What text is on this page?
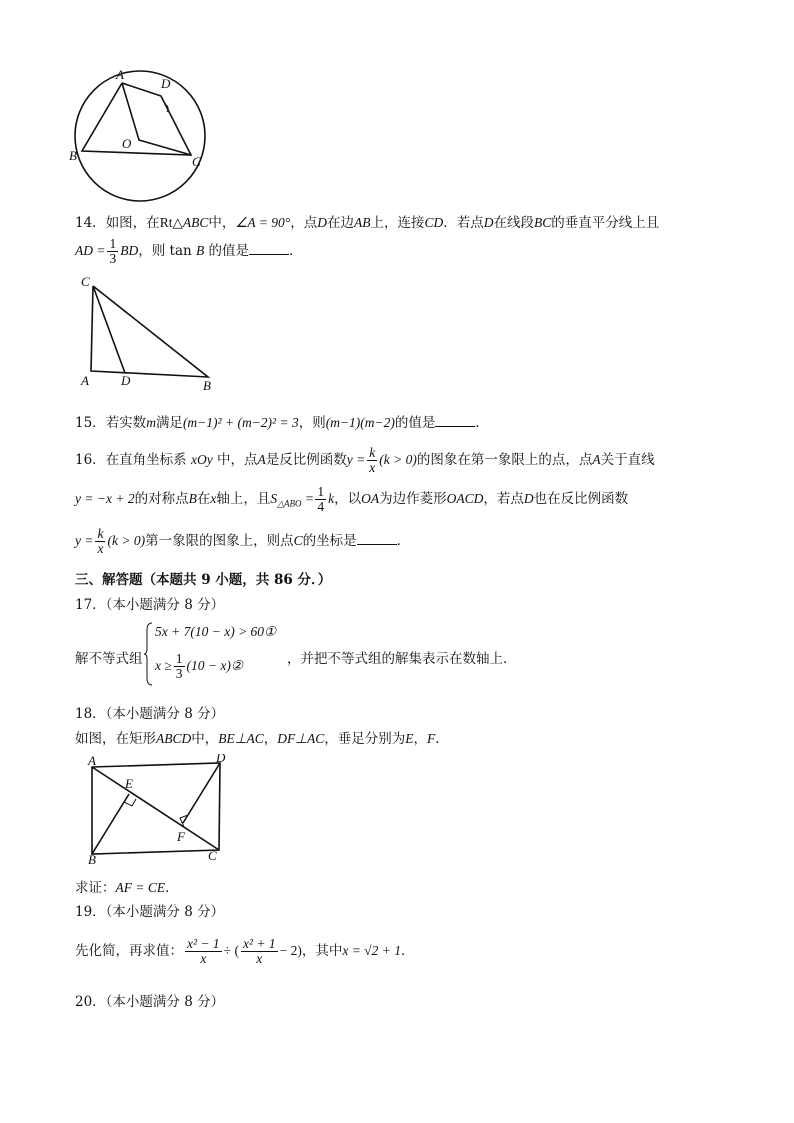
A
D
B
O
C
14．如图，在Rt△ABC中，∠A = 90°，点D在边AB上，连接CD．若点D在线段BC的垂直平分线上且
AD = $\frac{1}{3}$ BD，则 tan B 的值是	．
C
A D	B
15．若实数m满足(m−1)² + (m−2)² = 3，则(m−1)(m−2)的值是	．
16．在直角坐标系 xOy 中，点A是反比例函数$y = \frac{k}{x} (k > 0)$的图象在第一象限上的点，点A关于直线
y = −x + 2的对称点B在x轴上，且$S_{\triangle ABO} = \frac{1}{4}$ k，以OA为边作菱形OACD，若点D也在反比例函数
$y = \frac{k}{x} (k > 0)$第一象限的图象上，则点C的坐标是	．
三、解答题（本题共 9 小题，共 86 分．）
17．（本小题满分 8 分）
解不等式组
5x + 7(10 − x) > 60①
$x \ge \frac{1}{3} (10$ − x)②	，并把不等式组的解集表示在数轴上．
18．（本小题满分 8 分）
如图，在矩形ABCD中，BE⊥AC，DF⊥AC，垂足分别为E，F．
A	D
E
F
B	C
求证：AF = CE．
19．（本小题满分 8 分）
先化简，再求值： $\frac{\text{x² − 1}}{x}$ ÷ ( $\frac{\text{x² + 1}}{x} - 2$)，其中x = √2 + 1．
20．（本小题满分 8 分）
